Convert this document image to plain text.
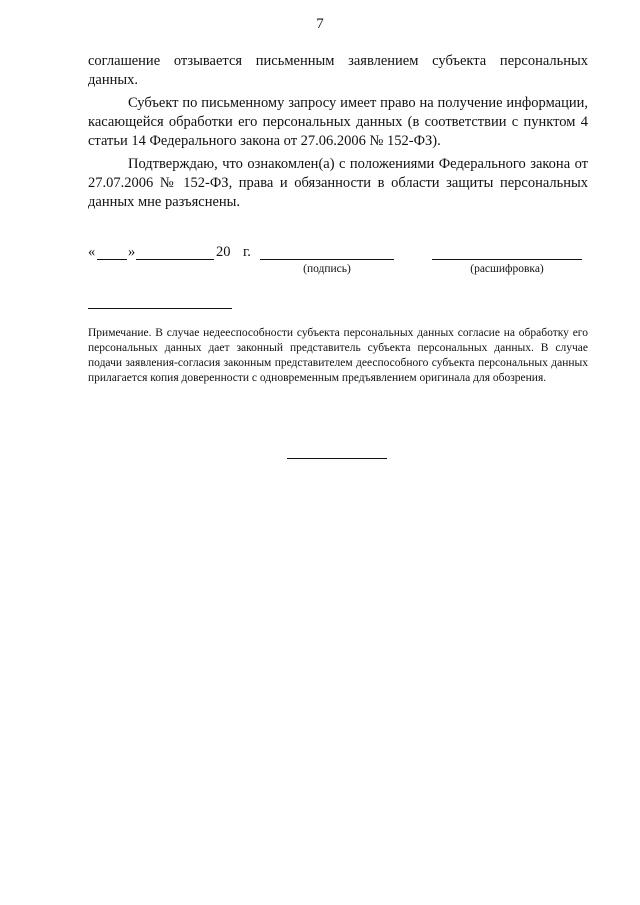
7

соглашение отзывается письменным заявлением субъекта персональных данных.

Субъект по письменному запросу имеет право на получение информации, касающейся обработки его персональных данных (в соответствии с пунктом 4 статьи 14 Федерального закона от 27.06.2006 № 152-ФЗ).

Подтверждаю, что ознакомлен(а) с положениями Федерального закона от 27.07.2006 № 152-ФЗ, права и обязанности в области защиты персональных данных мне разъяснены.

« »	20 г.
(подпись)	(расшифровка)
Примечание. В случае недееспособности субъекта персональных данных согласие на обработку его персональных данных дает законный представитель субъекта персональных данных. В случае подачи заявления-согласия законным представителем дееспособного субъекта персональных данных прилагается копия доверенности с одновременным предъявлением оригинала для обозрения.
